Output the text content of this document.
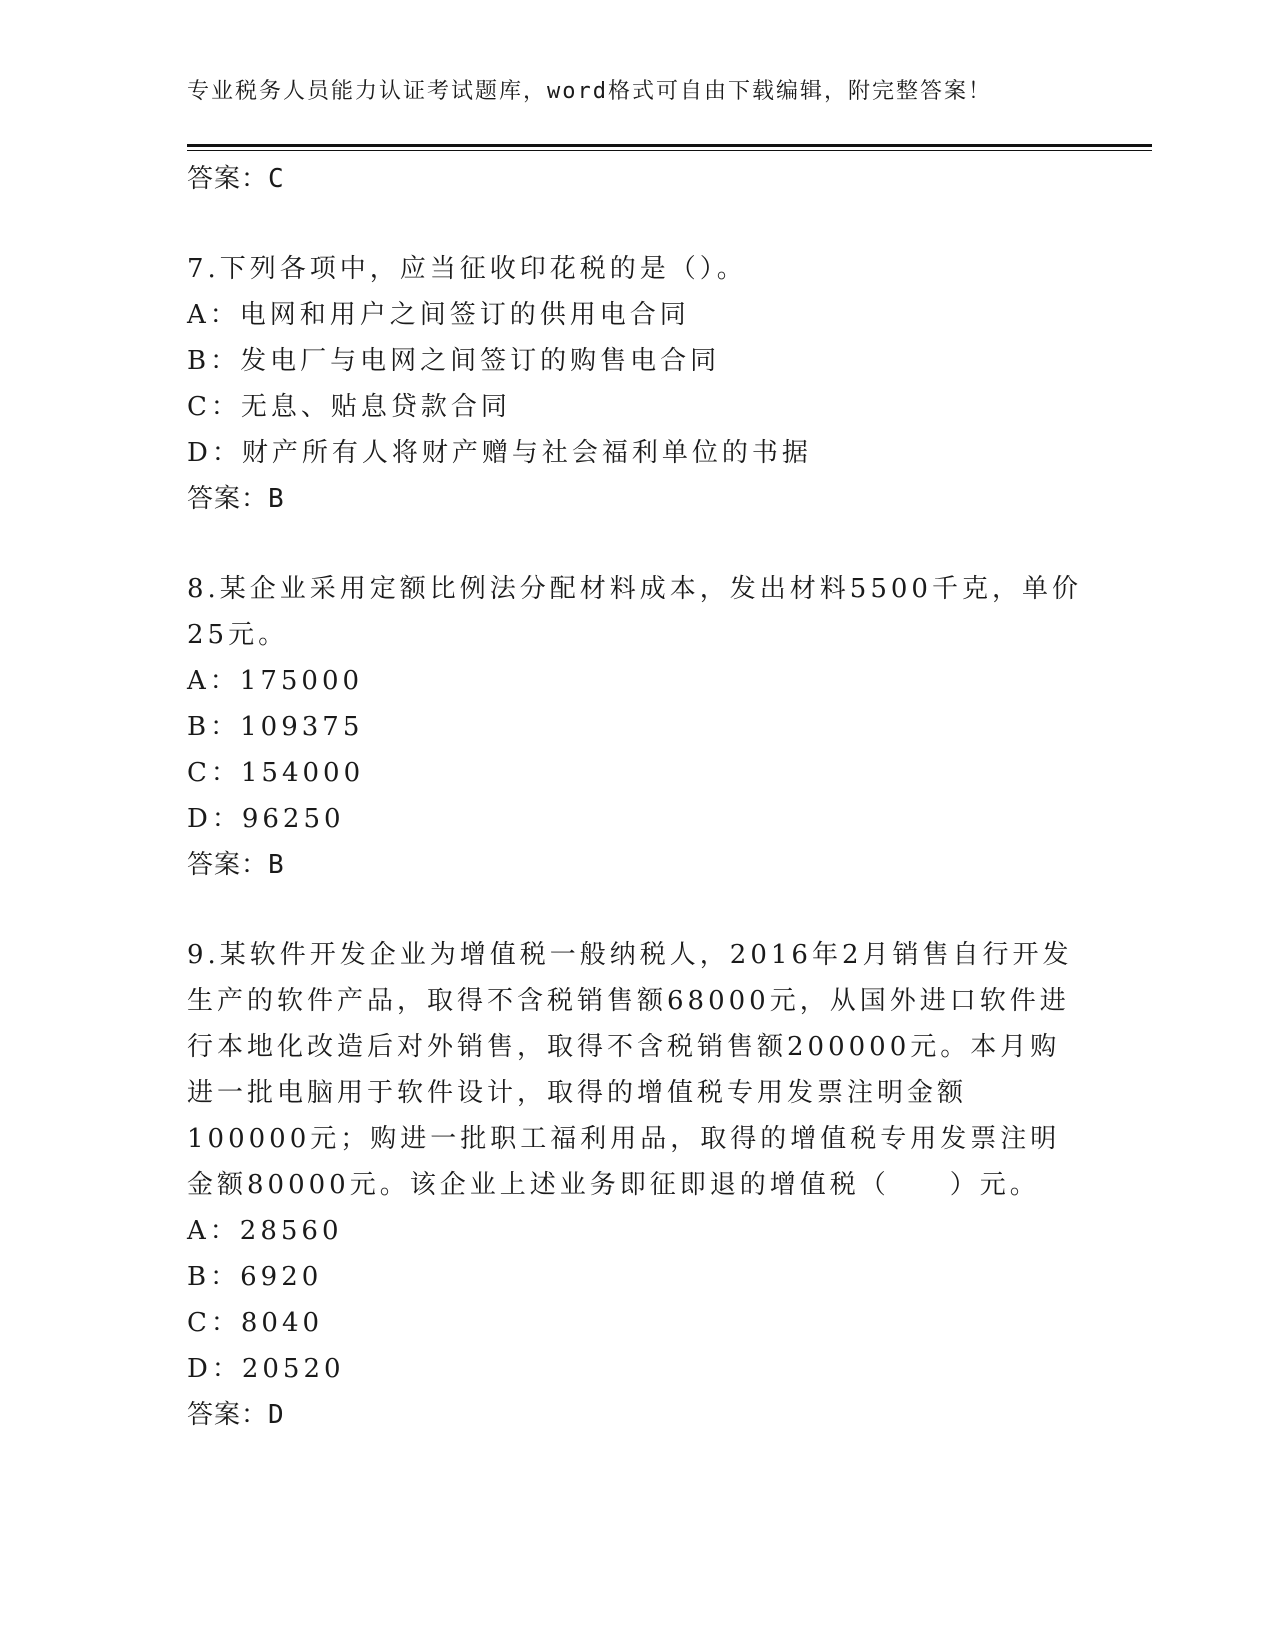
专业税务人员能力认证考试题库，word格式可自由下载编辑，附完整答案！
答案：C
7.下列各项中，应当征收印花税的是（）。
A：电网和用户之间签订的供用电合同
B：发电厂与电网之间签订的购售电合同
C：无息、贴息贷款合同
D：财产所有人将财产赠与社会福利单位的书据
答案：B
8.某企业采用定额比例法分配材料成本，发出材料5500千克，单价25元。
A：175000
B：109375
C：154000
D：96250
答案：B
9.某软件开发企业为增值税一般纳税人，2016年2月销售自行开发生产的软件产品，取得不含税销售额68000元，从国外进口软件进行本地化改造后对外销售，取得不含税销售额200000元。本月购进一批电脑用于软件设计，取得的增值税专用发票注明金额100000元；购进一批职工福利用品，取得的增值税专用发票注明金额80000元。该企业上述业务即征即退的增值税（　　）元。
A：28560
B：6920
C：8040
D：20520
答案：D
